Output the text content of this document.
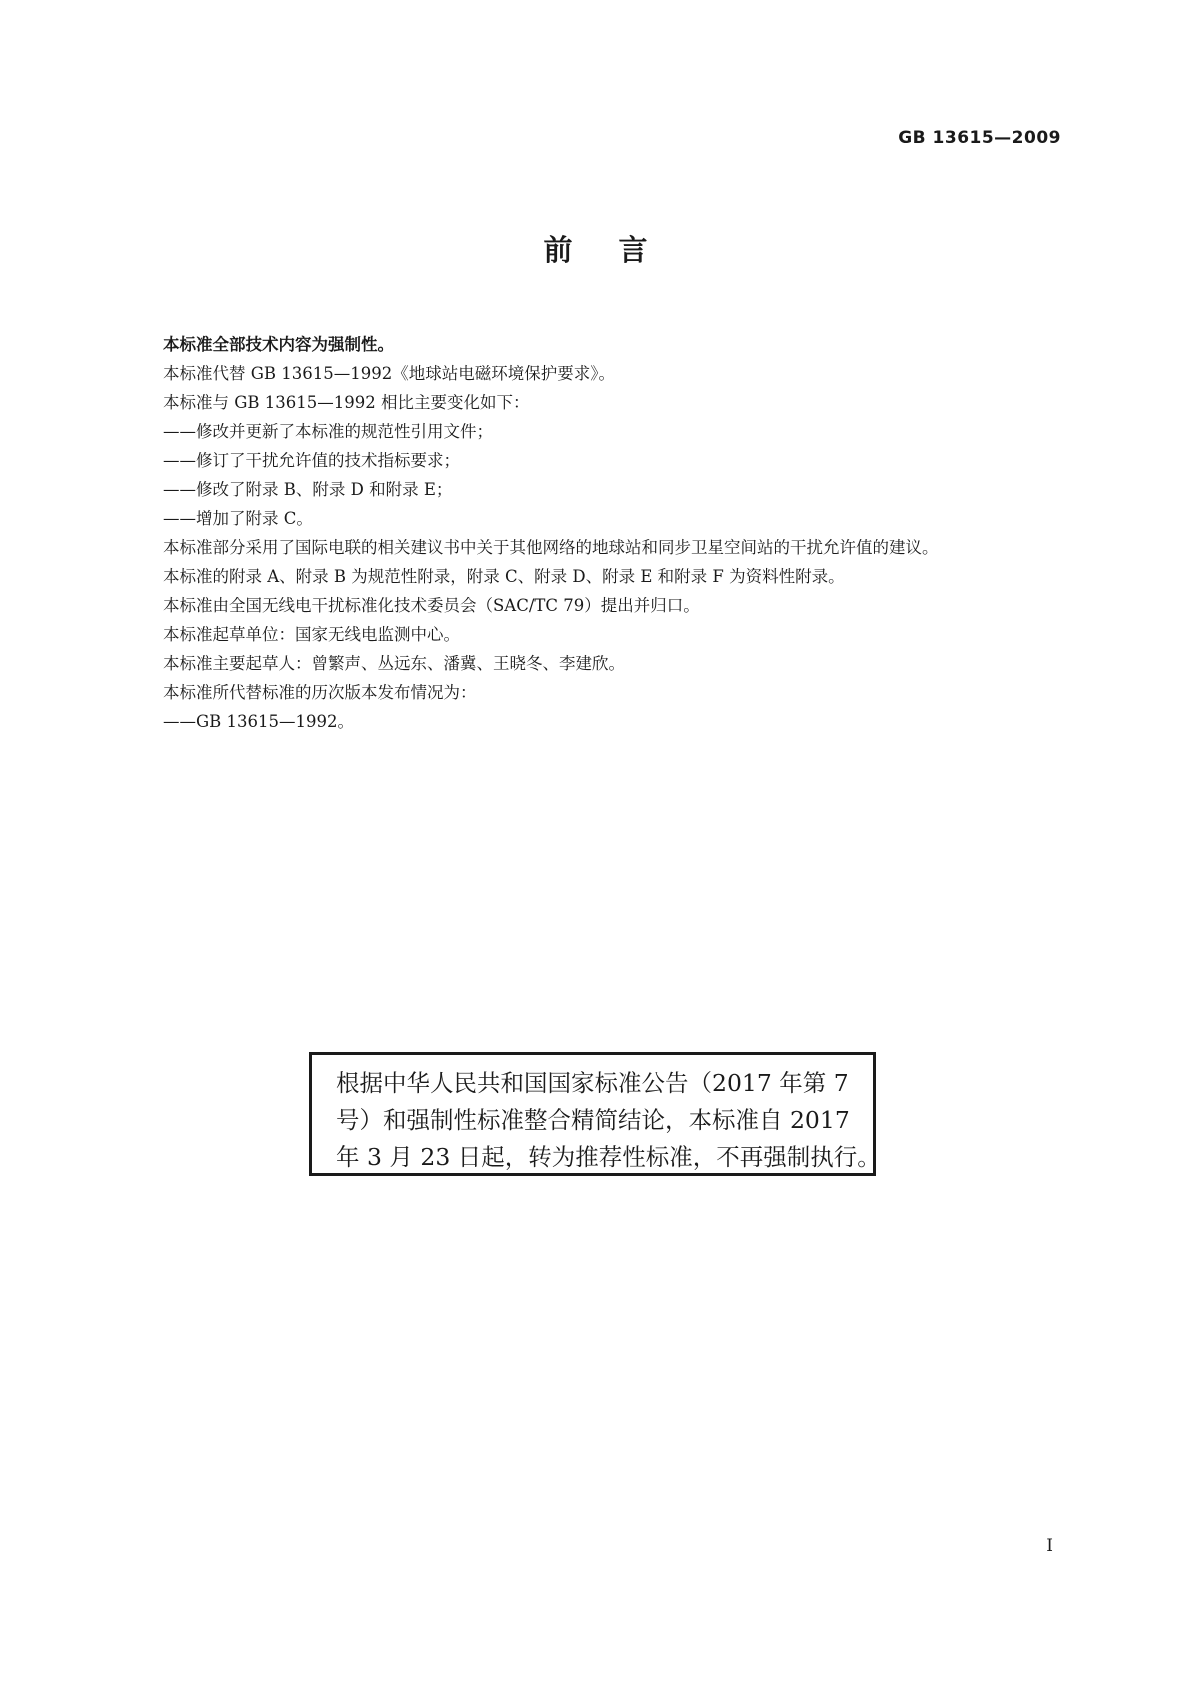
GB 13615—2009
前言

本标准全部技术内容为强制性。

本标准代替 GB 13615—1992《地球站电磁环境保护要求》。

本标准与 GB 13615—1992 相比主要变化如下：

——修改并更新了本标准的规范性引用文件；

——修订了干扰允许值的技术指标要求；

——修改了附录 B、附录 D 和附录 E；

——增加了附录 C。

本标准部分采用了国际电联的相关建议书中关于其他网络的地球站和同步卫星空间站的干扰允许值的建议。

本标准的附录 A、附录 B 为规范性附录，附录 C、附录 D、附录 E 和附录 F 为资料性附录。

本标准由全国无线电干扰标准化技术委员会（SAC/TC 79）提出并归口。

本标准起草单位：国家无线电监测中心。

本标准主要起草人：曾繁声、丛远东、潘冀、王晓冬、李建欣。

本标准所代替标准的历次版本发布情况为：

——GB 13615—1992。

根据中华人民共和国国家标准公告（2017 年第 7
号）和强制性标准整合精简结论，本标准自 2017
年 3 月 23 日起，转为推荐性标准，不再强制执行。
I
